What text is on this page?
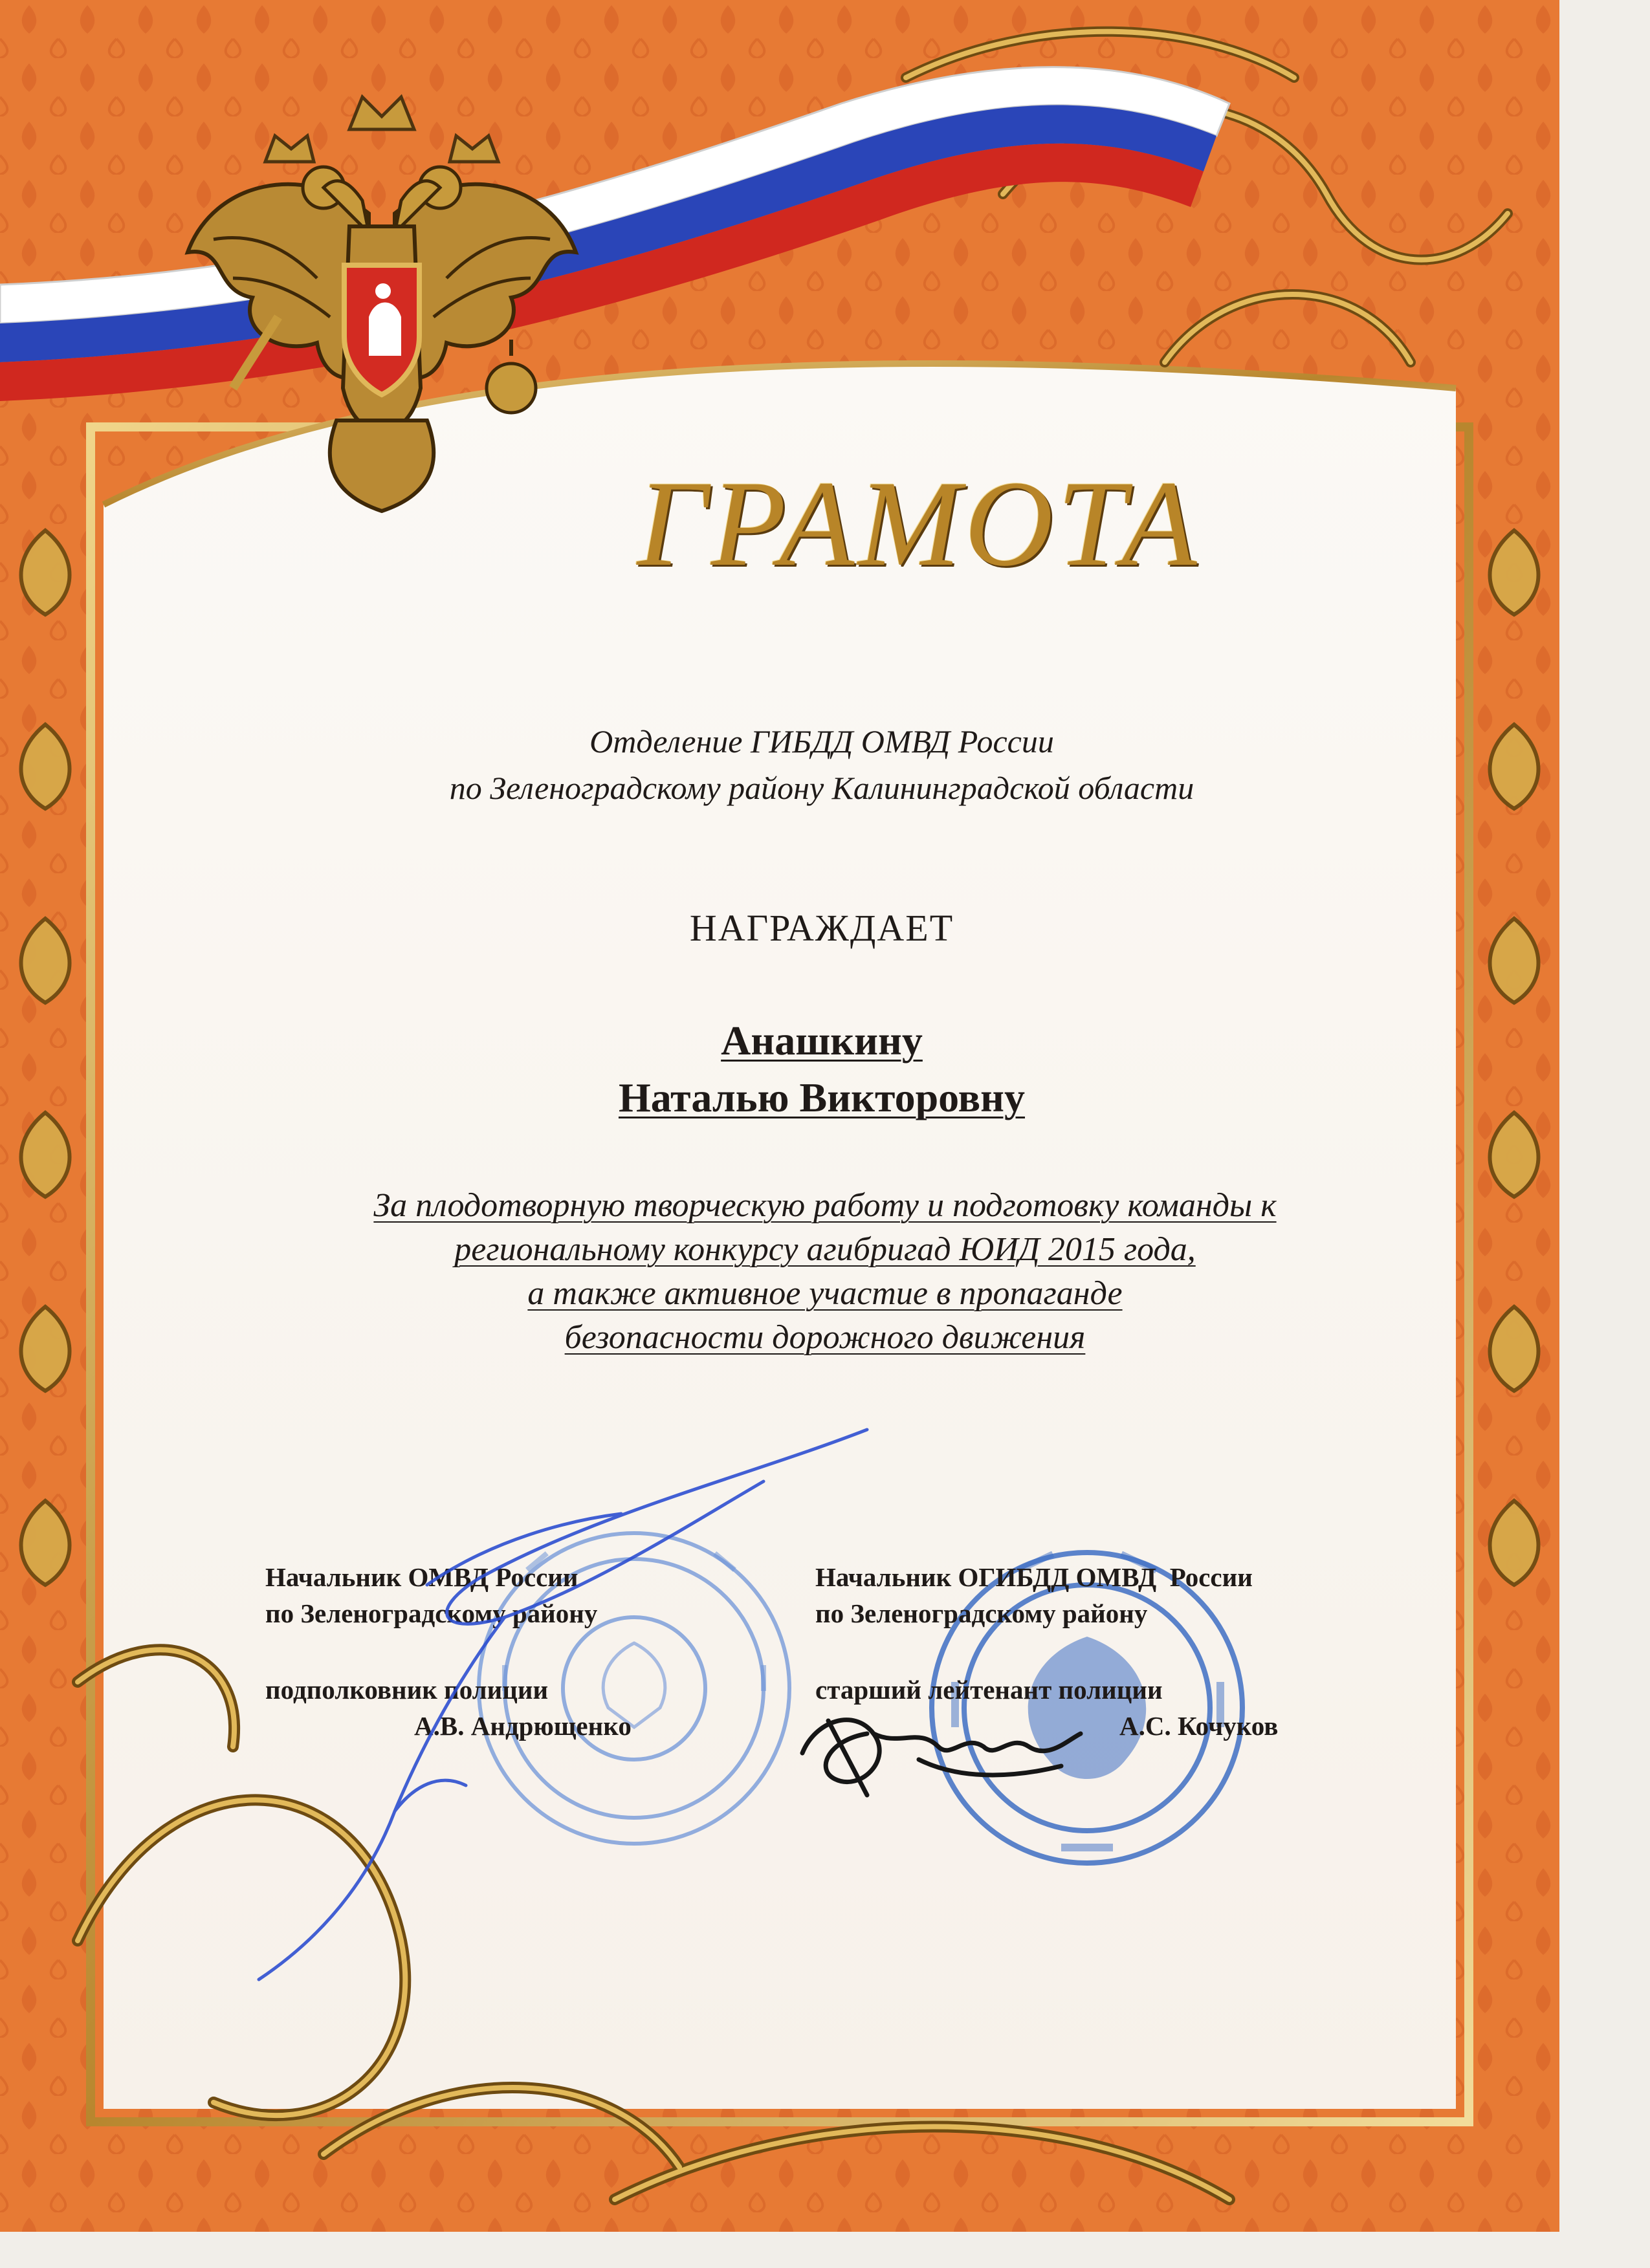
ГРАМОТА
Отделение ГИБДД ОМВД России
по Зеленоградскому району Калининградской области
НАГРАЖДАЕТ
Анашкину
Наталью Викторовну
За плодотворную творческую работу и подготовку команды к
региональному конкурсу агибригад ЮИД 2015 года,
а также активное участие в пропаганде
безопасности дорожного движения
Начальник ОМВД России
по Зеленоградскому району
подполковник полиции
А.В. Андрющенко
Начальник ОГИБДД ОМВД  России
по Зеленоградскому району
старший лейтенант полиции
А.С. Кочуков
